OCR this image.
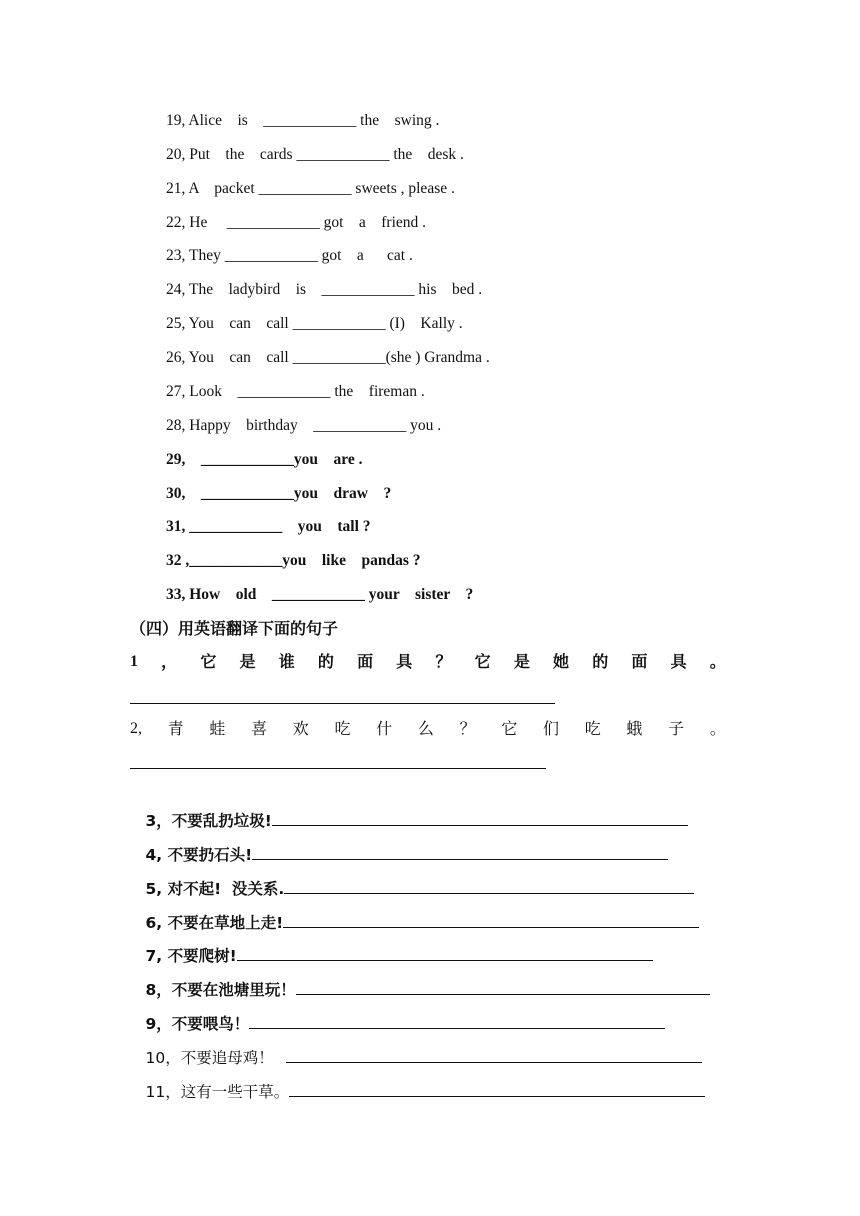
19, Alice    is    ____________ the    swing .
20, Put    the    cards ____________ the    desk .
21, A    packet ____________ sweets , please .
22, He     ____________ got    a    friend .
23, They ____________ got    a      cat .
24, The    ladybird    is    ____________ his    bed .
25, You    can    call ____________ (I)    Kally .
26, You    can    call ____________(she ) Grandma .
27, Look    ____________ the    fireman .
28, Happy    birthday    ____________ you .
29,    ____________you    are .
30,    ____________you    draw    ?
31, ____________    you    tall ?
32 ,____________you    like    pandas ?
33, How    old    ____________ your    sister    ?
（四）用英语翻译下面的句子
1 ， 它 是 谁 的 面 具 ？ 它 是 她 的 面 具 。
2, 青 蛙 喜 欢 吃 什 么 ？ 它 们 吃 蛾 子 。

3，不要乱扔垃圾!

4, 不要扔石头!

5, 对不起!  没关系.

6, 不要在草地上走!

7, 不要爬树!

8，不要在池塘里玩！

9，不要喂鸟！

10，不要追母鸡！

11，这有一些干草。
